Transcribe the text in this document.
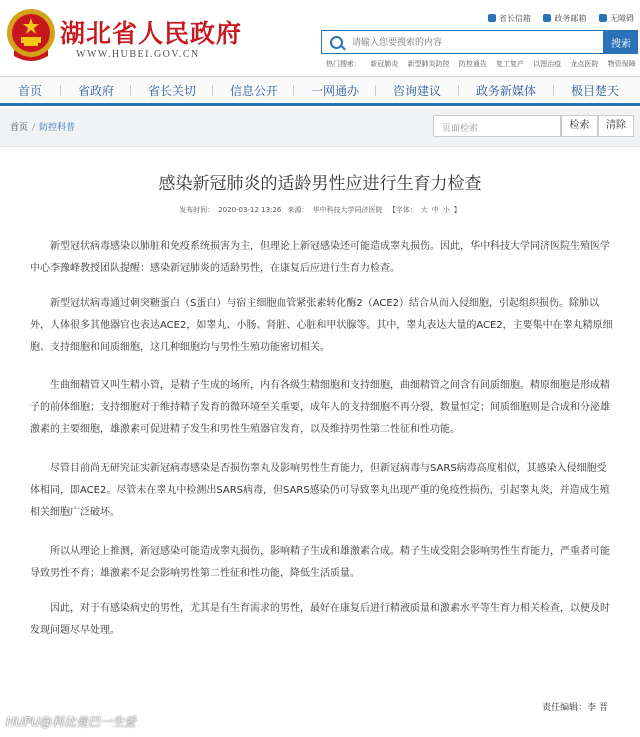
湖北省人民政府
WWW.HUBEI.GOV.CN
省长信箱	政务邮箱	无障碍
请输入您要搜索的内容
搜索
热门搜索： 新冠肺炎 新型肺炎防控 防控通告 复工复产 以图治疫 龙点医院 物资保障
首页	省政府	省长关切	信息公开	一网通办	咨询建议	政务新媒体	极目楚天
首页 / 防控科普	页面检索	检索	清除
感染新冠肺炎的适龄男性应进行生育力检查
发布时间： 2020-03-12 13:26 来源： 华中科技大学同济医院 【字体： 大 中 小 】

新型冠状病毒感染以肺脏和免疫系统损害为主，但理论上新冠感染还可能造成睾丸损伤。因此，华中科技大学同济医院生殖医学中心李豫峰教授团队提醒：感染新冠肺炎的适龄男性，在康复后应进行生育力检查。

新型冠状病毒通过刺突糖蛋白（S蛋白）与宿主细胞血管紧张素转化酶2（ACE2）结合从而入侵细胞，引起组织损伤。除肺以外，人体很多其他器官也表达ACE2，如睾丸、小肠、肾脏、心脏和甲状腺等。其中，睾丸表达大量的ACE2，主要集中在睾丸精原细胞、支持细胞和间质细胞，这几种细胞均与男性生殖功能密切相关。

生曲细精管又叫生精小管，是精子生成的场所，内有各级生精细胞和支持细胞，曲细精管之间含有间质细胞。精原细胞是形成精子的前体细胞；支持细胞对于维持精子发育的微环境至关重要，成年人的支持细胞不再分裂，数量恒定；间质细胞则是合成和分泌雄激素的主要细胞，雄激素可促进精子发生和男性生殖器官发育，以及维持男性第二性征和性功能。

尽管目前尚无研究证实新冠病毒感染是否损伤睾丸及影响男性生育能力，但新冠病毒与SARS病毒高度相似，其感染入侵细胞受体相同，即ACE2。尽管未在睾丸中检测出SARS病毒，但SARS感染仍可导致睾丸出现严重的免疫性损伤，引起睾丸炎，并造成生殖相关细胞广泛破坏。

所以从理论上推测，新冠感染可能造成睾丸损伤，影响精子生成和雄激素合成。精子生成受阻会影响男性生育能力，严重者可能导致男性不育；雄激素不足会影响男性第二性征和性功能，降低生活质量。

因此，对于有感染病史的男性，尤其是有生育需求的男性，最好在康复后进行精液质量和激素水平等生育力相关检查，以便及时发现问题尽早处理。

责任编辑：李 晋
HUPU@科比曼巴一生爱
